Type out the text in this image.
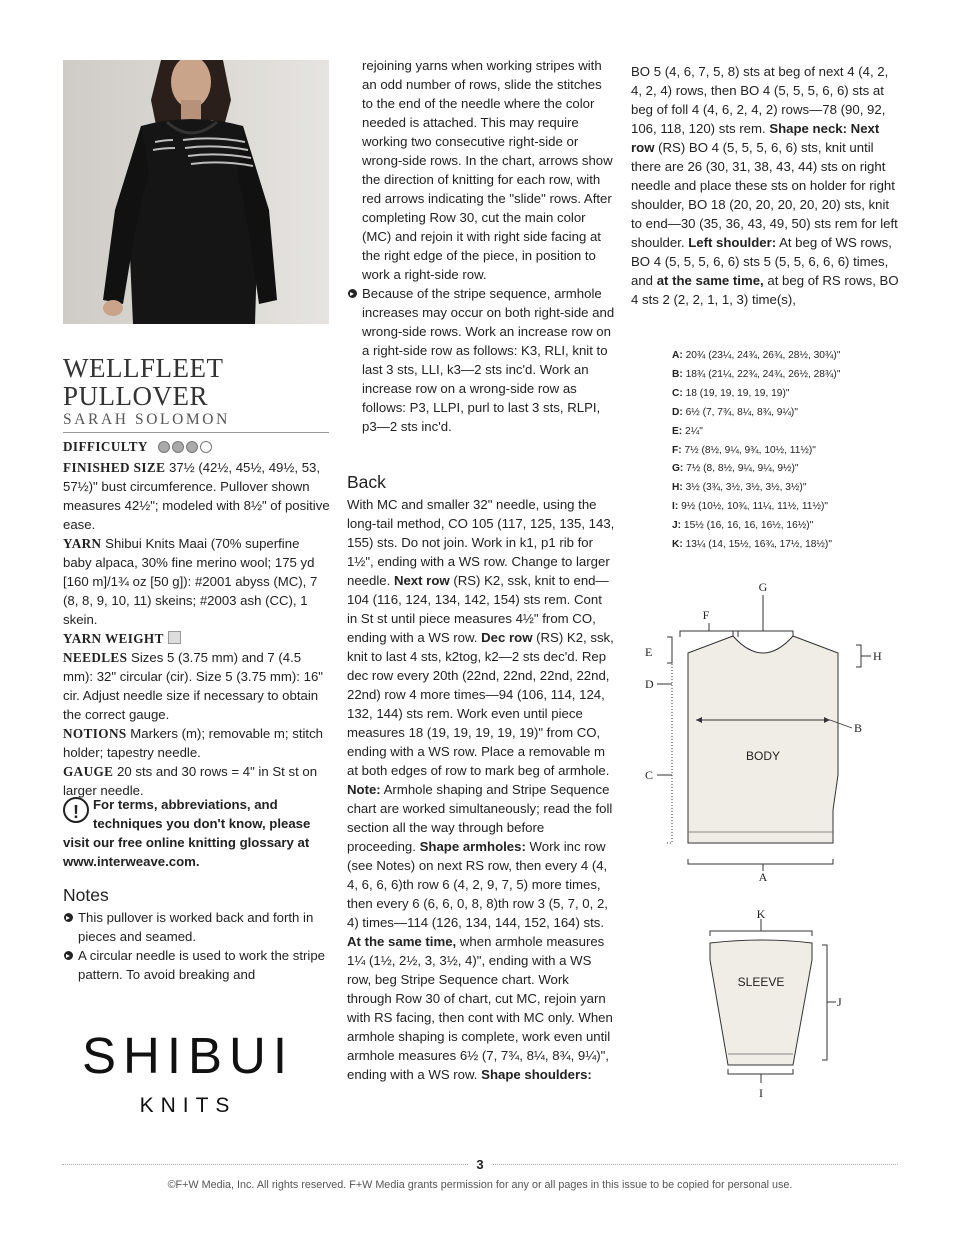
WELLFLEET
PULLOVER
SARAH SOLOMON

DIFFICULTY

FINISHED SIZE 37½ (42½, 45½, 49½, 53, 57½)" bust circumference. Pullover shown measures 42½"; modeled with 8½" of positive ease.

YARN Shibui Knits Maai (70% superfine baby alpaca, 30% fine merino wool; 175 yd [160 m]/1¾ oz [50 g]): #2001 abyss (MC), 7 (8, 8, 9, 10, 11) skeins; #2003 ash (CC), 1 skein.

YARN WEIGHT

NEEDLES Sizes 5 (3.75 mm) and 7 (4.5 mm): 32" circular (cir). Size 5 (3.75 mm): 16" cir. Adjust needle size if necessary to obtain the correct gauge.

NOTIONS Markers (m); removable m; stitch holder; tapestry needle.

GAUGE 20 sts and 30 rows = 4" in St st on larger needle.

!	For terms, abbreviations, and techniques you don't know, please visit our free online knitting glossary at www.interweave.com.
Notes
This pullover is worked back and forth in pieces and seamed.
A circular needle is used to work the stripe pattern. To avoid breaking and
SHIBUI
KNITS

rejoining yarns when working stripes with an odd number of rows, slide the stitches to the end of the needle where the color needed is attached. This may require working two consecutive right-side or wrong-side rows. In the chart, arrows show the direction of knitting for each row, with red arrows indicating the "slide" rows. After completing Row 30, cut the main color (MC) and rejoin it with right side facing at the right edge of the piece, in position to work a right-side row.

Because of the stripe sequence, armhole increases may occur on both right-side and wrong-side rows. Work an increase row on a right-side row as follows: K3, RLI, knit to last 3 sts, LLI, k3—2 sts inc'd. Work an increase row on a wrong-side row as follows: P3, LLPI, purl to last 3 sts, RLPI, p3—2 sts inc'd.
Back

With MC and smaller 32" needle, using the long-tail method, CO 105 (117, 125, 135, 143, 155) sts. Do not join. Work in k1, p1 rib for 1½", ending with a WS row. Change to larger needle. Next row (RS) K2, ssk, knit to end—104 (116, 124, 134, 142, 154) sts rem. Cont in St st until piece measures 4½" from CO, ending with a WS row. Dec row (RS) K2, ssk, knit to last 4 sts, k2tog, k2—2 sts dec'd. Rep dec row every 20th (22nd, 22nd, 22nd, 22nd, 22nd) row 4 more times—94 (106, 114, 124, 132, 144) sts rem. Work even until piece measures 18 (19, 19, 19, 19, 19)" from CO, ending with a WS row. Place a removable m at both edges of row to mark beg of armhole. Note: Armhole shaping and Stripe Sequence chart are worked simultaneously; read the foll section all the way through before proceeding. Shape armholes: Work inc row (see Notes) on next RS row, then every 4 (4, 4, 6, 6, 6)th row 6 (4, 2, 9, 7, 5) more times, then every 6 (6, 6, 0, 8, 8)th row 3 (5, 7, 0, 2, 4) times—114 (126, 134, 144, 152, 164) sts. At the same time, when armhole measures 1¼ (1½, 2½, 3, 3½, 4)", ending with a WS row, beg Stripe Sequence chart. Work through Row 30 of chart, cut MC, rejoin yarn with RS facing, then cont with MC only. When armhole shaping is complete, work even until armhole measures 6½ (7, 7¾, 8¼, 8¾, 9¼)", ending with a WS row. Shape shoulders:

BO 5 (4, 6, 7, 5, 8) sts at beg of next 4 (4, 2, 4, 2, 4) rows, then BO 4 (5, 5, 5, 6, 6) sts at beg of foll 4 (4, 6, 2, 4, 2) rows—78 (90, 92, 106, 118, 120) sts rem. Shape neck: Next row (RS) BO 4 (5, 5, 5, 6, 6) sts, knit until there are 26 (30, 31, 38, 43, 44) sts on right needle and place these sts on holder for right shoulder, BO 18 (20, 20, 20, 20, 20) sts, knit to end—30 (35, 36, 43, 49, 50) sts rem for left shoulder. Left shoulder: At beg of WS rows, BO 4 (5, 5, 5, 6, 6) sts 5 (5, 5, 6, 6, 6) times, and at the same time, at beg of RS rows, BO 4 sts 2 (2, 2, 1, 1, 3) time(s),

A: 20¾ (23¼, 24¾, 26¾, 28½, 30¾)"
B: 18¾ (21¼, 22¾, 24¾, 26½, 28¾)"
C: 18 (19, 19, 19, 19, 19)"
D: 6½ (7, 7¾, 8¼, 8¾, 9¼)"
E: 2¼"
F: 7½ (8½, 9¼, 9¾, 10½, 11½)"
G: 7½ (8, 8½, 9¼, 9¼, 9½)"
H: 3½ (3¾, 3½, 3½, 3½, 3½)"
I: 9½ (10½, 10¾, 11¼, 11½, 11½)"
J: 15½ (16, 16, 16, 16½, 16½)"
K: 13¼ (14, 15½, 16¾, 17½, 18½)"
B
BODY
F
G
E
D
C
H
A
SLEEVE
K
J
I
3
©F+W Media, Inc. All rights reserved. F+W Media grants permission for any or all pages in this issue to be copied for personal use.
